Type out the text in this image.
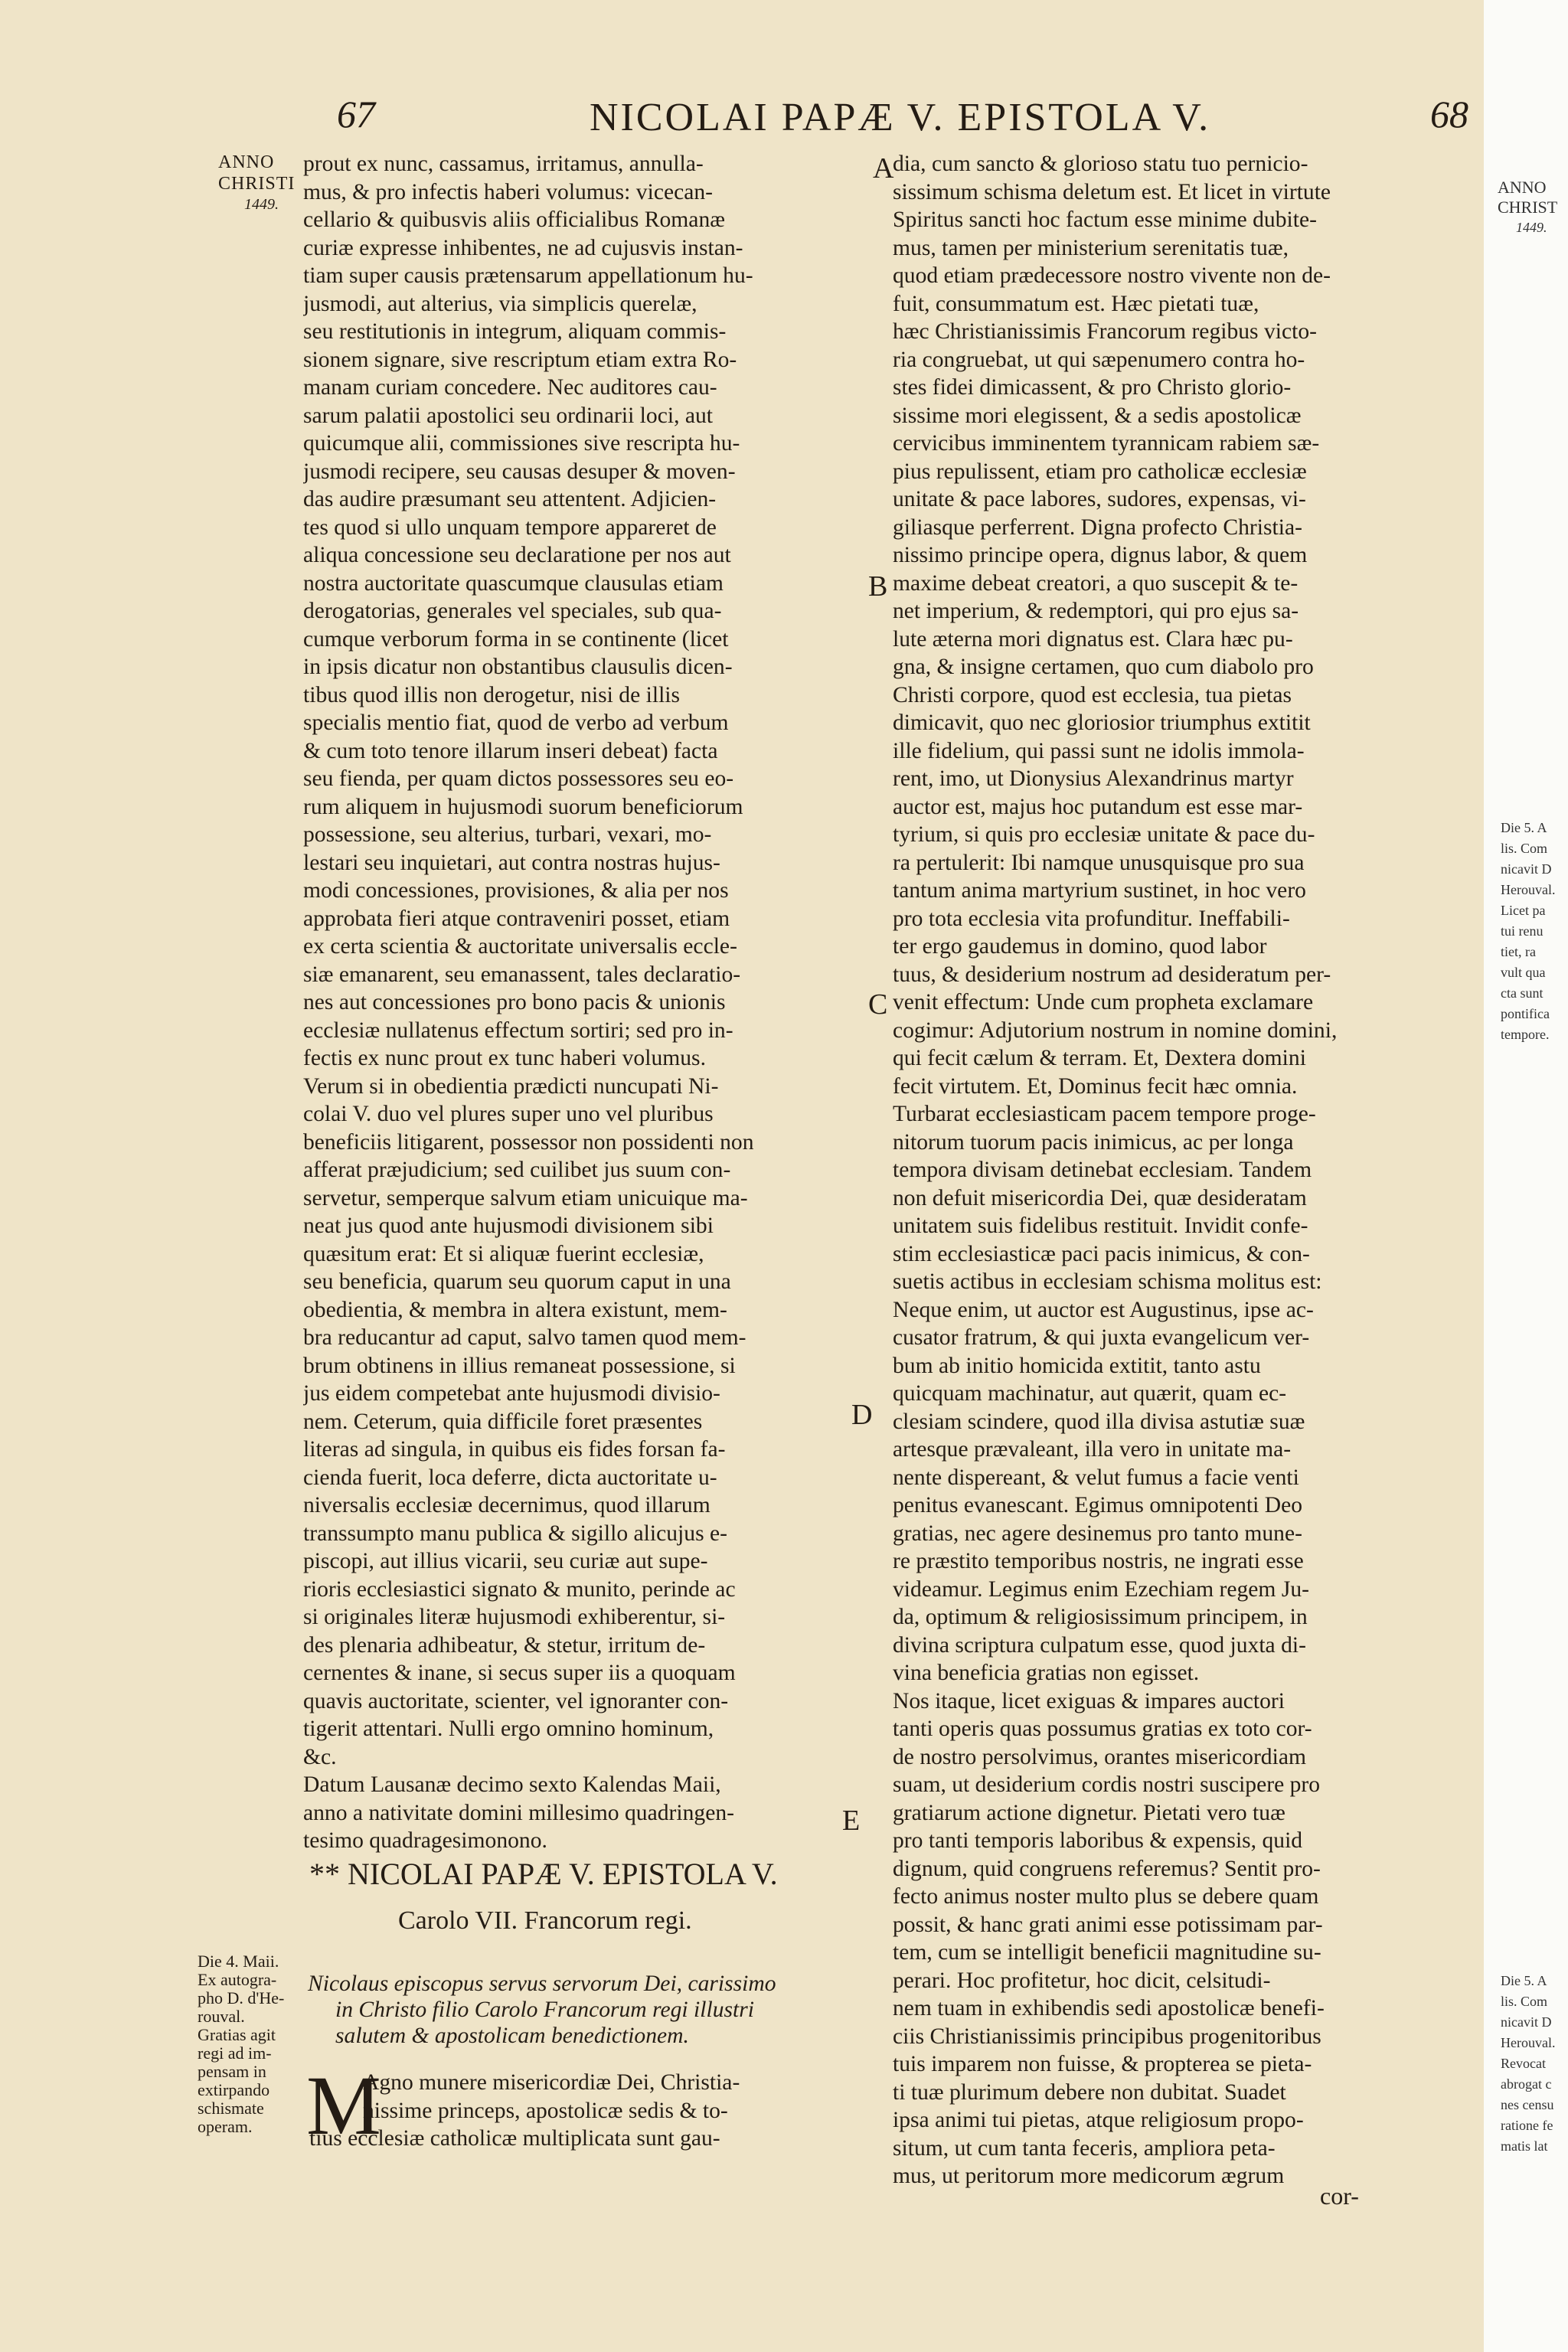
67	NICOLAI PAPÆ V. EPISTOLA V.	68
ANNO
CHRISTI
1449.
prout ex nunc, cassamus, irritamus, annulla-
mus, & pro infectis haberi volumus: vicecan-
cellario & quibusvis aliis officialibus Romanæ
curiæ expresse inhibentes, ne ad cujusvis instan-
tiam super causis prætensarum appellationum hu-
jusmodi, aut alterius, via simplicis querelæ,
seu restitutionis in integrum, aliquam commis-
sionem signare, sive rescriptum etiam extra Ro-
manam curiam concedere. Nec auditores cau-
sarum palatii apostolici seu ordinarii loci, aut
quicumque alii, commissiones sive rescripta hu-
jusmodi recipere, seu causas desuper & moven-
das audire præsumant seu attentent. Adjicien-
tes quod si ullo unquam tempore appareret de
aliqua concessione seu declaratione per nos aut
nostra auctoritate quascumque clausulas etiam
derogatorias, generales vel speciales, sub qua-
cumque verborum forma in se continente (licet
in ipsis dicatur non obstantibus clausulis dicen-
tibus quod illis non derogetur, nisi de illis
specialis mentio fiat, quod de verbo ad verbum
& cum toto tenore illarum inseri debeat) facta
seu fienda, per quam dictos possessores seu eo-
rum aliquem in hujusmodi suorum beneficiorum
possessione, seu alterius, turbari, vexari, mo-
lestari seu inquietari, aut contra nostras hujus-
modi concessiones, provisiones, & alia per nos
approbata fieri atque contraveniri posset, etiam
ex certa scientia & auctoritate universalis eccle-
siæ emanarent, seu emanassent, tales declaratio-
nes aut concessiones pro bono pacis & unionis
ecclesiæ nullatenus effectum sortiri; sed pro in-
fectis ex nunc prout ex tunc haberi volumus.
Verum si in obedientia prædicti nuncupati Ni-
colai V. duo vel plures super uno vel pluribus
beneficiis litigarent, possessor non possidenti non
afferat præjudicium; sed cuilibet jus suum con-
servetur, semperque salvum etiam unicuique ma-
neat jus quod ante hujusmodi divisionem sibi
quæsitum erat: Et si aliquæ fuerint ecclesiæ,
seu beneficia, quarum seu quorum caput in una
obedientia, & membra in altera existunt, mem-
bra reducantur ad caput, salvo tamen quod mem-
brum obtinens in illius remaneat possessione, si
jus eidem competebat ante hujusmodi divisio-
nem. Ceterum, quia difficile foret præsentes
literas ad singula, in quibus eis fides forsan fa-
cienda fuerit, loca deferre, dicta auctoritate u-
niversalis ecclesiæ decernimus, quod illarum
transsumpto manu publica & sigillo alicujus e-
piscopi, aut illius vicarii, seu curiæ aut supe-
rioris ecclesiastici signato & munito, perinde ac
si originales literæ hujusmodi exhiberentur, si-
des plenaria adhibeatur, & stetur, irritum de-
cernentes & inane, si secus super iis a quoquam
quavis auctoritate, scienter, vel ignoranter con-
tigerit attentari. Nulli ergo omnino hominum,
&c.
Datum Lausanæ decimo sexto Kalendas Maii,
anno a nativitate domini millesimo quadringen-
tesimo quadragesimonono.
A
B
C
D
E
** NICOLAI PAPÆ V. EPISTOLA V.
Carolo VII. Francorum regi.
Die 4. Maii.
Ex autogra-
pho D. d'He-
rouval.
Gratias agit
regi ad im-
pensam in
extirpando
schismate
operam.
Nicolaus episcopus servus servorum Dei, carissimo
in Christo filio Carolo Francorum regi illustri
salutem & apostolicam benedictionem.
M
Agno munere misericordiæ Dei, Christia-
nissime princeps, apostolicæ sedis & to-
tius ecclesiæ catholicæ multiplicata sunt gau-
dia, cum sancto & glorioso statu tuo pernicio-
sissimum schisma deletum est. Et licet in virtute
Spiritus sancti hoc factum esse minime dubite-
mus, tamen per ministerium serenitatis tuæ,
quod etiam prædecessore nostro vivente non de-
fuit, consummatum est. Hæc pietati tuæ,
hæc Christianissimis Francorum regibus victo-
ria congruebat, ut qui sæpenumero contra ho-
stes fidei dimicassent, & pro Christo glorio-
sissime mori elegissent, & a sedis apostolicæ
cervicibus imminentem tyrannicam rabiem sæ-
pius repulissent, etiam pro catholicæ ecclesiæ
unitate & pace labores, sudores, expensas, vi-
giliasque perferrent. Digna profecto Christia-
nissimo principe opera, dignus labor, & quem
maxime debeat creatori, a quo suscepit & te-
net imperium, & redemptori, qui pro ejus sa-
lute æterna mori dignatus est. Clara hæc pu-
gna, & insigne certamen, quo cum diabolo pro
Christi corpore, quod est ecclesia, tua pietas
dimicavit, quo nec gloriosior triumphus extitit
ille fidelium, qui passi sunt ne idolis immola-
rent, imo, ut Dionysius Alexandrinus martyr
auctor est, majus hoc putandum est esse mar-
tyrium, si quis pro ecclesiæ unitate & pace du-
ra pertulerit: Ibi namque unusquisque pro sua
tantum anima martyrium sustinet, in hoc vero
pro tota ecclesia vita profunditur. Ineffabili-
ter ergo gaudemus in domino, quod labor
tuus, & desiderium nostrum ad desideratum per-
venit effectum: Unde cum propheta exclamare
cogimur: Adjutorium nostrum in nomine domini,
qui fecit cælum & terram. Et, Dextera domini
fecit virtutem. Et, Dominus fecit hæc omnia.
Turbarat ecclesiasticam pacem tempore proge-
nitorum tuorum pacis inimicus, ac per longa
tempora divisam detinebat ecclesiam. Tandem
non defuit misericordia Dei, quæ desideratam
unitatem suis fidelibus restituit. Invidit confe-
stim ecclesiasticæ paci pacis inimicus, & con-
suetis actibus in ecclesiam schisma molitus est:
Neque enim, ut auctor est Augustinus, ipse ac-
cusator fratrum, & qui juxta evangelicum ver-
bum ab initio homicida extitit, tanto astu
quicquam machinatur, aut quærit, quam ec-
clesiam scindere, quod illa divisa astutiæ suæ
artesque prævaleant, illa vero in unitate ma-
nente dispereant, & velut fumus a facie venti
penitus evanescant. Egimus omnipotenti Deo
gratias, nec agere desinemus pro tanto mune-
re præstito temporibus nostris, ne ingrati esse
videamur. Legimus enim Ezechiam regem Ju-
da, optimum & religiosissimum principem, in
divina scriptura culpatum esse, quod juxta di-
vina beneficia gratias non egisset.
Nos itaque, licet exiguas & impares auctori
tanti operis quas possumus gratias ex toto cor-
de nostro persolvimus, orantes misericordiam
suam, ut desiderium cordis nostri suscipere pro
gratiarum actione dignetur. Pietati vero tuæ
pro tanti temporis laboribus & expensis, quid
dignum, quid congruens referemus? Sentit pro-
fecto animus noster multo plus se debere quam
possit, & hanc grati animi esse potissimam par-
tem, cum se intelligit beneficii magnitudine su-
perari. Hoc profitetur, hoc dicit, celsitudi-
nem tuam in exhibendis sedi apostolicæ benefi-
ciis Christianissimis principibus progenitoribus
tuis imparem non fuisse, & propterea se pieta-
ti tuæ plurimum debere non dubitat. Suadet
ipsa animi tui pietas, atque religiosum propo-
situm, ut cum tanta feceris, ampliora peta-
mus, ut peritorum more medicorum ægrum
cor-
ANNO
CHRIST
1449.
Die 5. A
lis. Com
nicavit D
Herouval.
Licet pa
tui renu
tiet, ra
vult qua
cta sunt
pontifica
tempore.
Die 5. A
lis. Com
nicavit D
Herouval.
Revocat
abrogat c
nes censu
ratione fe
matis lat
